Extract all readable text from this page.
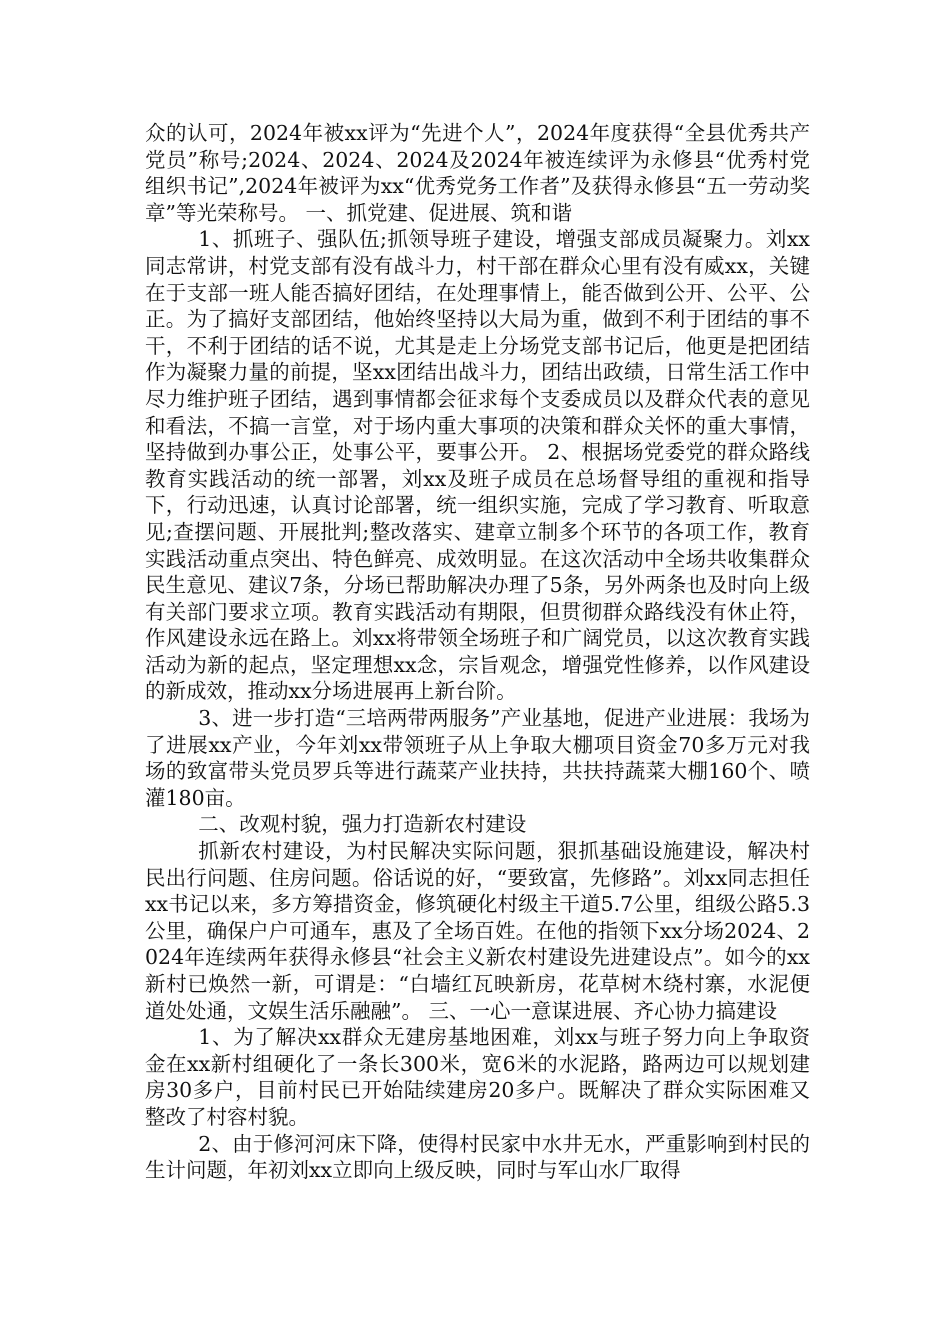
众的认可，2024年被xx评为“先进个人”，2024年度获得“全县优秀共产党员”称号;2024、2024、2024及2024年被连续评为永修县“优秀村党组织书记”,2024年被评为xx“优秀党务工作者”及获得永修县“五一劳动奖章”等光荣称号。 一、抓党建、促进展、筑和谐

1、抓班子、强队伍;抓领导班子建设，增强支部成员凝聚力。刘xx同志常讲，村党支部有没有战斗力，村干部在群众心里有没有威xx，关键在于支部一班人能否搞好团结，在处理事情上，能否做到公开、公平、公正。为了搞好支部团结，他始终坚持以大局为重，做到不利于团结的事不干，不利于团结的话不说，尤其是走上分场党支部书记后，他更是把团结作为凝聚力量的前提，坚xx团结出战斗力，团结出政绩，日常生活工作中尽力维护班子团结，遇到事情都会征求每个支委成员以及群众代表的意见和看法，不搞一言堂，对于场内重大事项的决策和群众关怀的重大事情，坚持做到办事公正，处事公平，要事公开。 2、根据场党委党的群众路线教育实践活动的统一部署，刘xx及班子成员在总场督导组的重视和指导下，行动迅速，认真讨论部署，统一组织实施，完成了学习教育、听取意见;查摆问题、开展批判;整改落实、建章立制多个环节的各项工作，教育实践活动重点突出、特色鲜亮、成效明显。在这次活动中全场共收集群众民生意见、建议7条，分场已帮助解决办理了5条，另外两条也及时向上级有关部门要求立项。教育实践活动有期限，但贯彻群众路线没有休止符，作风建设永远在路上。刘xx将带领全场班子和广阔党员，以这次教育实践活动为新的起点，坚定理想xx念，宗旨观念，增强党性修养，以作风建设的新成效，推动xx分场进展再上新台阶。

3、进一步打造“三培两带两服务”产业基地，促进产业进展：我场为了进展xx产业，今年刘xx带领班子从上争取大棚项目资金70多万元对我场的致富带头党员罗兵等进行蔬菜产业扶持，共扶持蔬菜大棚160个、喷灌180亩。

二、改观村貌，强力打造新农村建设

抓新农村建设，为村民解决实际问题，狠抓基础设施建设，解决村民出行问题、住房问题。俗话说的好，“要致富，先修路”。刘xx同志担任xx书记以来，多方筹措资金，修筑硬化村级主干道5.7公里，组级公路5.3公里，确保户户可通车，惠及了全场百姓。在他的指领下xx分场2024、2024年连续两年获得永修县“社会主义新农村建设先进建设点”。如今的xx新村已焕然一新，可谓是：“白墙红瓦映新房，花草树木绕村寨，水泥便道处处通，文娱生活乐融融”。 三、一心一意谋进展、齐心协力搞建设

1、为了解决xx群众无建房基地困难，刘xx与班子努力向上争取资金在xx新村组硬化了一条长300米，宽6米的水泥路，路两边可以规划建房30多户，目前村民已开始陆续建房20多户。既解决了群众实际困难又整改了村容村貌。

2、由于修河河床下降，使得村民家中水井无水，严重影响到村民的生计问题，年初刘xx立即向上级反映，同时与军山水厂取得
